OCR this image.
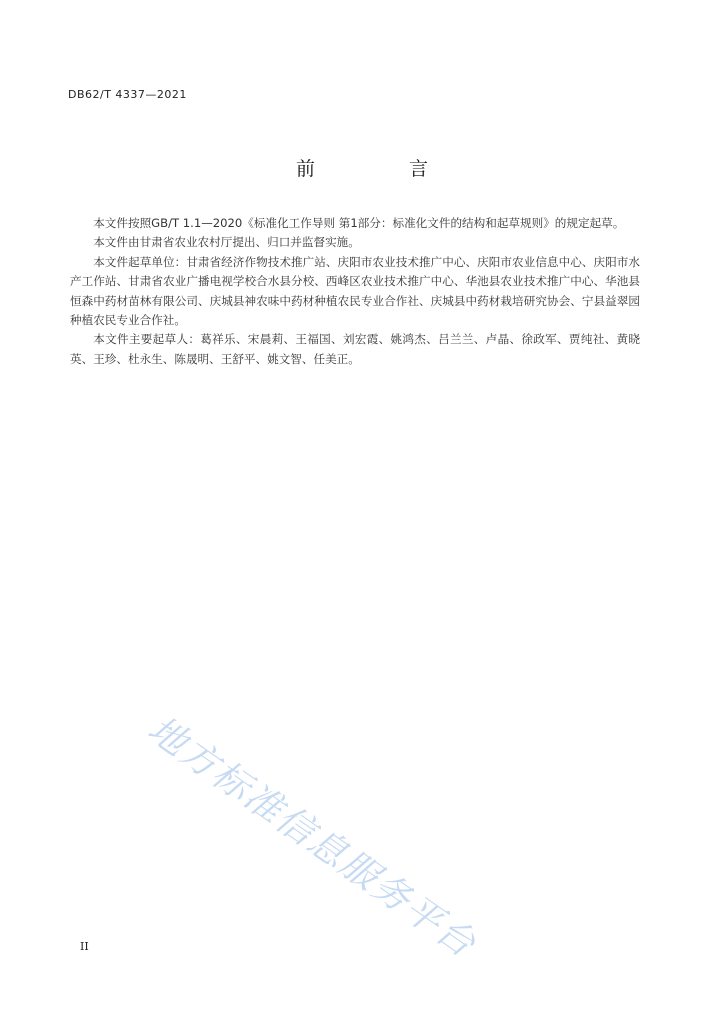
DB62/T 4337—2021
前 言

本文件按照GB/T 1.1—2020《标准化工作导则 第1部分：标准化文件的结构和起草规则》的规定起草。

本文件由甘肃省农业农村厅提出、归口并监督实施。

本文件起草单位：甘肃省经济作物技术推广站、庆阳市农业技术推广中心、庆阳市农业信息中心、庆阳市水产工作站、甘肃省农业广播电视学校合水县分校、西峰区农业技术推广中心、华池县农业技术推广中心、华池县恒森中药材苗林有限公司、庆城县神农味中药材种植农民专业合作社、庆城县中药材栽培研究协会、宁县益翠园种植农民专业合作社。

本文件主要起草人：葛祥乐、宋晨莉、王福国、刘宏霞、姚鸿杰、吕兰兰、卢晶、徐政军、贾纯社、黄晓英、王珍、杜永生、陈晟明、王舒平、姚文智、任美正。

地方标准信息服务平台
II
